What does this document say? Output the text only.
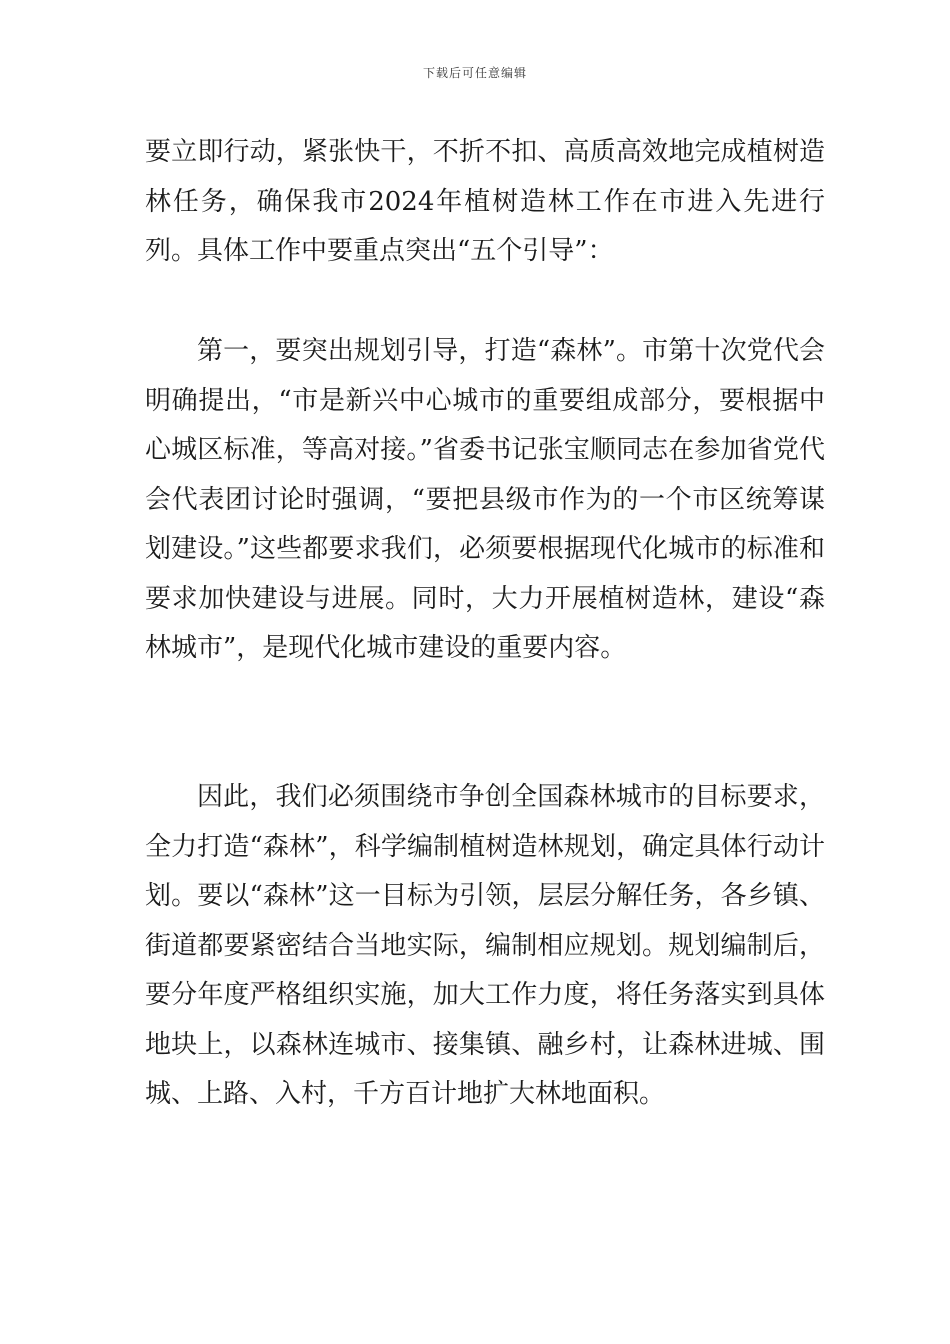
下载后可任意编辑

要立即行动，紧张快干，不折不扣、高质高效地完成植树造林任务，确保我市2024年植树造林工作在市进入先进行列。具体工作中要重点突出“五个引导”：

第一，要突出规划引导，打造“森林”。市第十次党代会明确提出，“市是新兴中心城市的重要组成部分，要根据中心城区标准，等高对接。”省委书记张宝顺同志在参加省党代会代表团讨论时强调，“要把县级市作为的一个市区统筹谋划建设。”这些都要求我们，必须要根据现代化城市的标准和要求加快建设与进展。同时，大力开展植树造林，建设“森林城市”，是现代化城市建设的重要内容。

因此，我们必须围绕市争创全国森林城市的目标要求，全力打造“森林”，科学编制植树造林规划，确定具体行动计划。要以“森林”这一目标为引领，层层分解任务，各乡镇、街道都要紧密结合当地实际，编制相应规划。规划编制后，要分年度严格组织实施，加大工作力度，将任务落实到具体地块上，以森林连城市、接集镇、融乡村，让森林进城、围城、上路、入村，千方百计地扩大林地面积。
